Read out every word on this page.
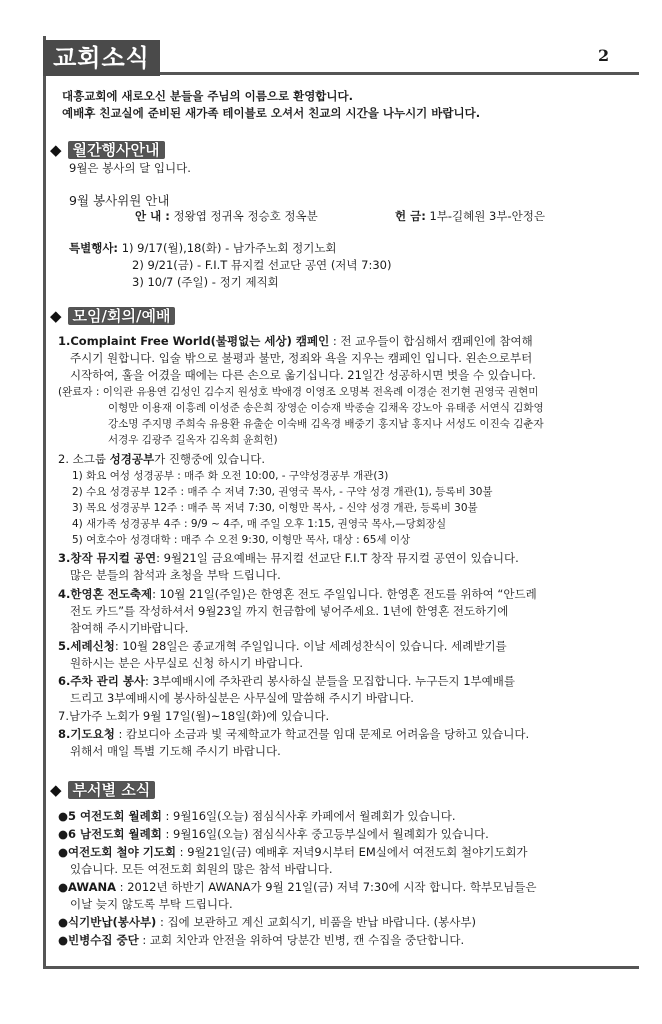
교회소식	2
대흥교회에 새로오신 분들을 주님의 이름으로 환영합니다.
예배후 친교실에 준비된 새가족 테이블로 오셔서 친교의 시간을 나누시기 바랍니다.
◆ 월간행사안내
9월은 봉사의 달 입니다.
9월 봉사위원 안내
안 내 : 정왕엽 정귀옥 정승호 정옥분	헌 금: 1부-길혜원 3부-안정은
특별행사: 1) 9/17(월),18(화) - 남가주노회 정기노회
2) 9/21(금) - F.I.T 뮤지컬 선교단 공연 (저녁 7:30)
3) 10/7 (주일) - 정기 제직회
◆ 모임/회의/예배
1.Complaint Free World(불평없는 세상) 캠페인 : 전 교우들이 합심해서 캠페인에 참여해
주시기 원합니다. 입술 밖으로 불평과 불만, 정죄와 욕을 지우는 캠페인 입니다. 왼손으로부터
시작하여, 훌을 어겼을 때에는 다른 손으로 옮기십니다. 21일간 성공하시면 벗을 수 있습니다.
(완료자 : 이익관 유용연 김성인 김수지 원성호 박애경 이영조 오명복 전옥례 이경순 전기현 권영국 권현미
이형만 이용재 이흥례 이성준 송은희 장영순 이승재 박종술 김채옥 강노아 유태종 서연식 김화영
강소명 주지명 주희숙 유용환 유출순 이숙배 김옥경 배중기 홍지남 홍지나 서성도 이진숙 김춘자
서경우 김광주 길옥자 김옥희 윤희헌)
2. 소그룹 성경공부가 진행중에 있습니다.
1) 화요 여성 성경공부 : 매주 화 오전 10:00, - 구약성경공부 개관(3)
2) 수요 성경공부 12주 : 매주 수 저녁 7:30, 권영국 목사, - 구약 성경 개관(1), 등록비 30불
3) 목요 성경공부 12주 : 매주 목 저녁 7:30, 이형만 목사, - 신약 성경 개관, 등록비 30불
4) 새가족 성경공부 4주 : 9/9 ~ 4주, 매 주일 오후 1:15, 권영국 목사,—당회장실
5) 여호수아 성경대학 : 매주 수 오전 9:30, 이형만 목사, 대상 : 65세 이상
3.창작 뮤지컬 공연: 9월21일 금요예배는 뮤지컬 선교단 F.I.T 창작 뮤지컬 공연이 있습니다.
많은 분들의 참석과 초청을 부탁 드립니다.
4.한영혼 전도축제: 10월 21일(주일)은 한영혼 전도 주일입니다. 한영혼 전도를 위하여 “안드레
전도 카드”를 작성하셔서 9월23일 까지 헌금함에 넣어주세요. 1년에 한영혼 전도하기에
참여해 주시기바랍니다.
5.세례신청: 10월 28일은 종교개혁 주일입니다. 이날 세례성찬식이 있습니다. 세례받기를
원하시는 분은 사무실로 신청 하시기 바랍니다.
6.주차 관리 봉사: 3부예배시에 주차관리 봉사하실 분들을 모집합니다. 누구든지 1부예배를
드리고 3부예배시에 봉사하실분은 사무실에 말씀해 주시기 바랍니다.
7.남가주 노회가 9월 17일(월)~18일(화)에 있습니다.
8.기도요청 : 캄보디아 소금과 빛 국제학교가 학교건물 임대 문제로 어려움을 당하고 있습니다.
위해서 매일 특별 기도해 주시기 바랍니다.
◆ 부서별 소식
●5 여전도회 월례회 : 9월16일(오늘) 점심식사후 카페에서 월례회가 있습니다.
●6 남전도회 월례회 : 9월16일(오늘) 점심식사후 중고등부실에서 월례회가 있습니다.
●여전도회 철야 기도회 : 9월21일(금) 예배후 저녁9시부터 EM실에서 여전도회 철야기도회가
있습니다. 모든 여전도회 회원의 많은 참석 바랍니다.
●AWANA : 2012년 하반기 AWANA가 9월 21일(금) 저녁 7:30에 시작 합니다. 학부모님들은
이날 늦지 않도록 부탁 드립니다.
●식기반납(봉사부) : 집에 보관하고 계신 교회식기, 비품을 반납 바랍니다. (봉사부)
●빈병수집 중단 : 교회 치안과 안전을 위하여 당분간 빈병, 캔 수집을 중단합니다.
